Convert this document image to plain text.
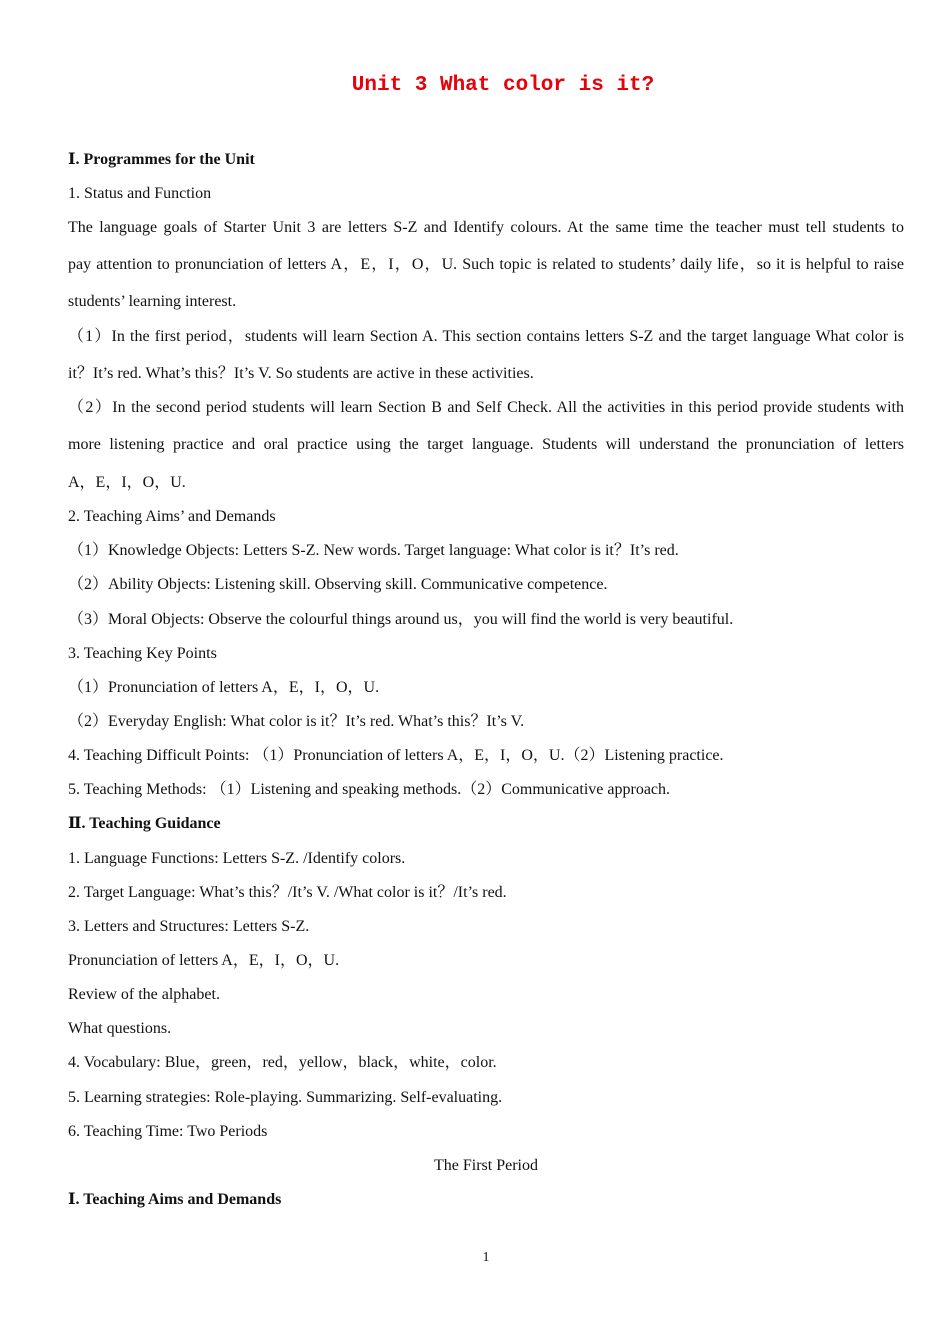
Unit 3 What color is it?
Ⅰ. Programmes for the Unit
1. Status and Function
The language goals of Starter Unit 3 are letters S-Z and Identify colours. At the same time the teacher must tell students to
pay attention to pronunciation of letters A，E，I，O，U. Such topic is related to students’ daily life，so it is helpful to raise
students’ learning interest.
（1）In the first period，students will learn Section A. This section contains letters S-Z and the target language What color is
it？It’s red. What’s this？It’s V. So students are active in these activities.
（2）In the second period students will learn Section B and Self Check. All the activities in this period provide students with
more listening practice and oral practice using the target language. Students will understand the pronunciation of letters
A，E，I，O，U.
2. Teaching Aims’ and Demands
（1）Knowledge Objects: Letters S-Z. New words. Target language: What color is it？It’s red.
（2）Ability Objects: Listening skill. Observing skill. Communicative competence.
（3）Moral Objects: Observe the colourful things around us，you will find the world is very beautiful.
3. Teaching Key Points
（1）Pronunciation of letters A，E，I，O，U.
（2）Everyday English: What color is it？It’s red. What’s this？It’s V.
4. Teaching Difficult Points: （1）Pronunciation of letters A，E，I，O，U.（2）Listening practice.
5. Teaching Methods: （1）Listening and speaking methods.（2）Communicative approach.
Ⅱ. Teaching Guidance
1. Language Functions: Letters S-Z. /Identify colors.
2. Target Language: What’s this？/It’s V. /What color is it？/It’s red.
3. Letters and Structures: Letters S-Z.
Pronunciation of letters A，E，I，O，U.
Review of the alphabet.
What questions.
4. Vocabulary: Blue，green，red，yellow，black，white，color.
5. Learning strategies: Role-playing. Summarizing. Self-evaluating.
6. Teaching Time: Two Periods
The First Period
Ⅰ. Teaching Aims and Demands
1
